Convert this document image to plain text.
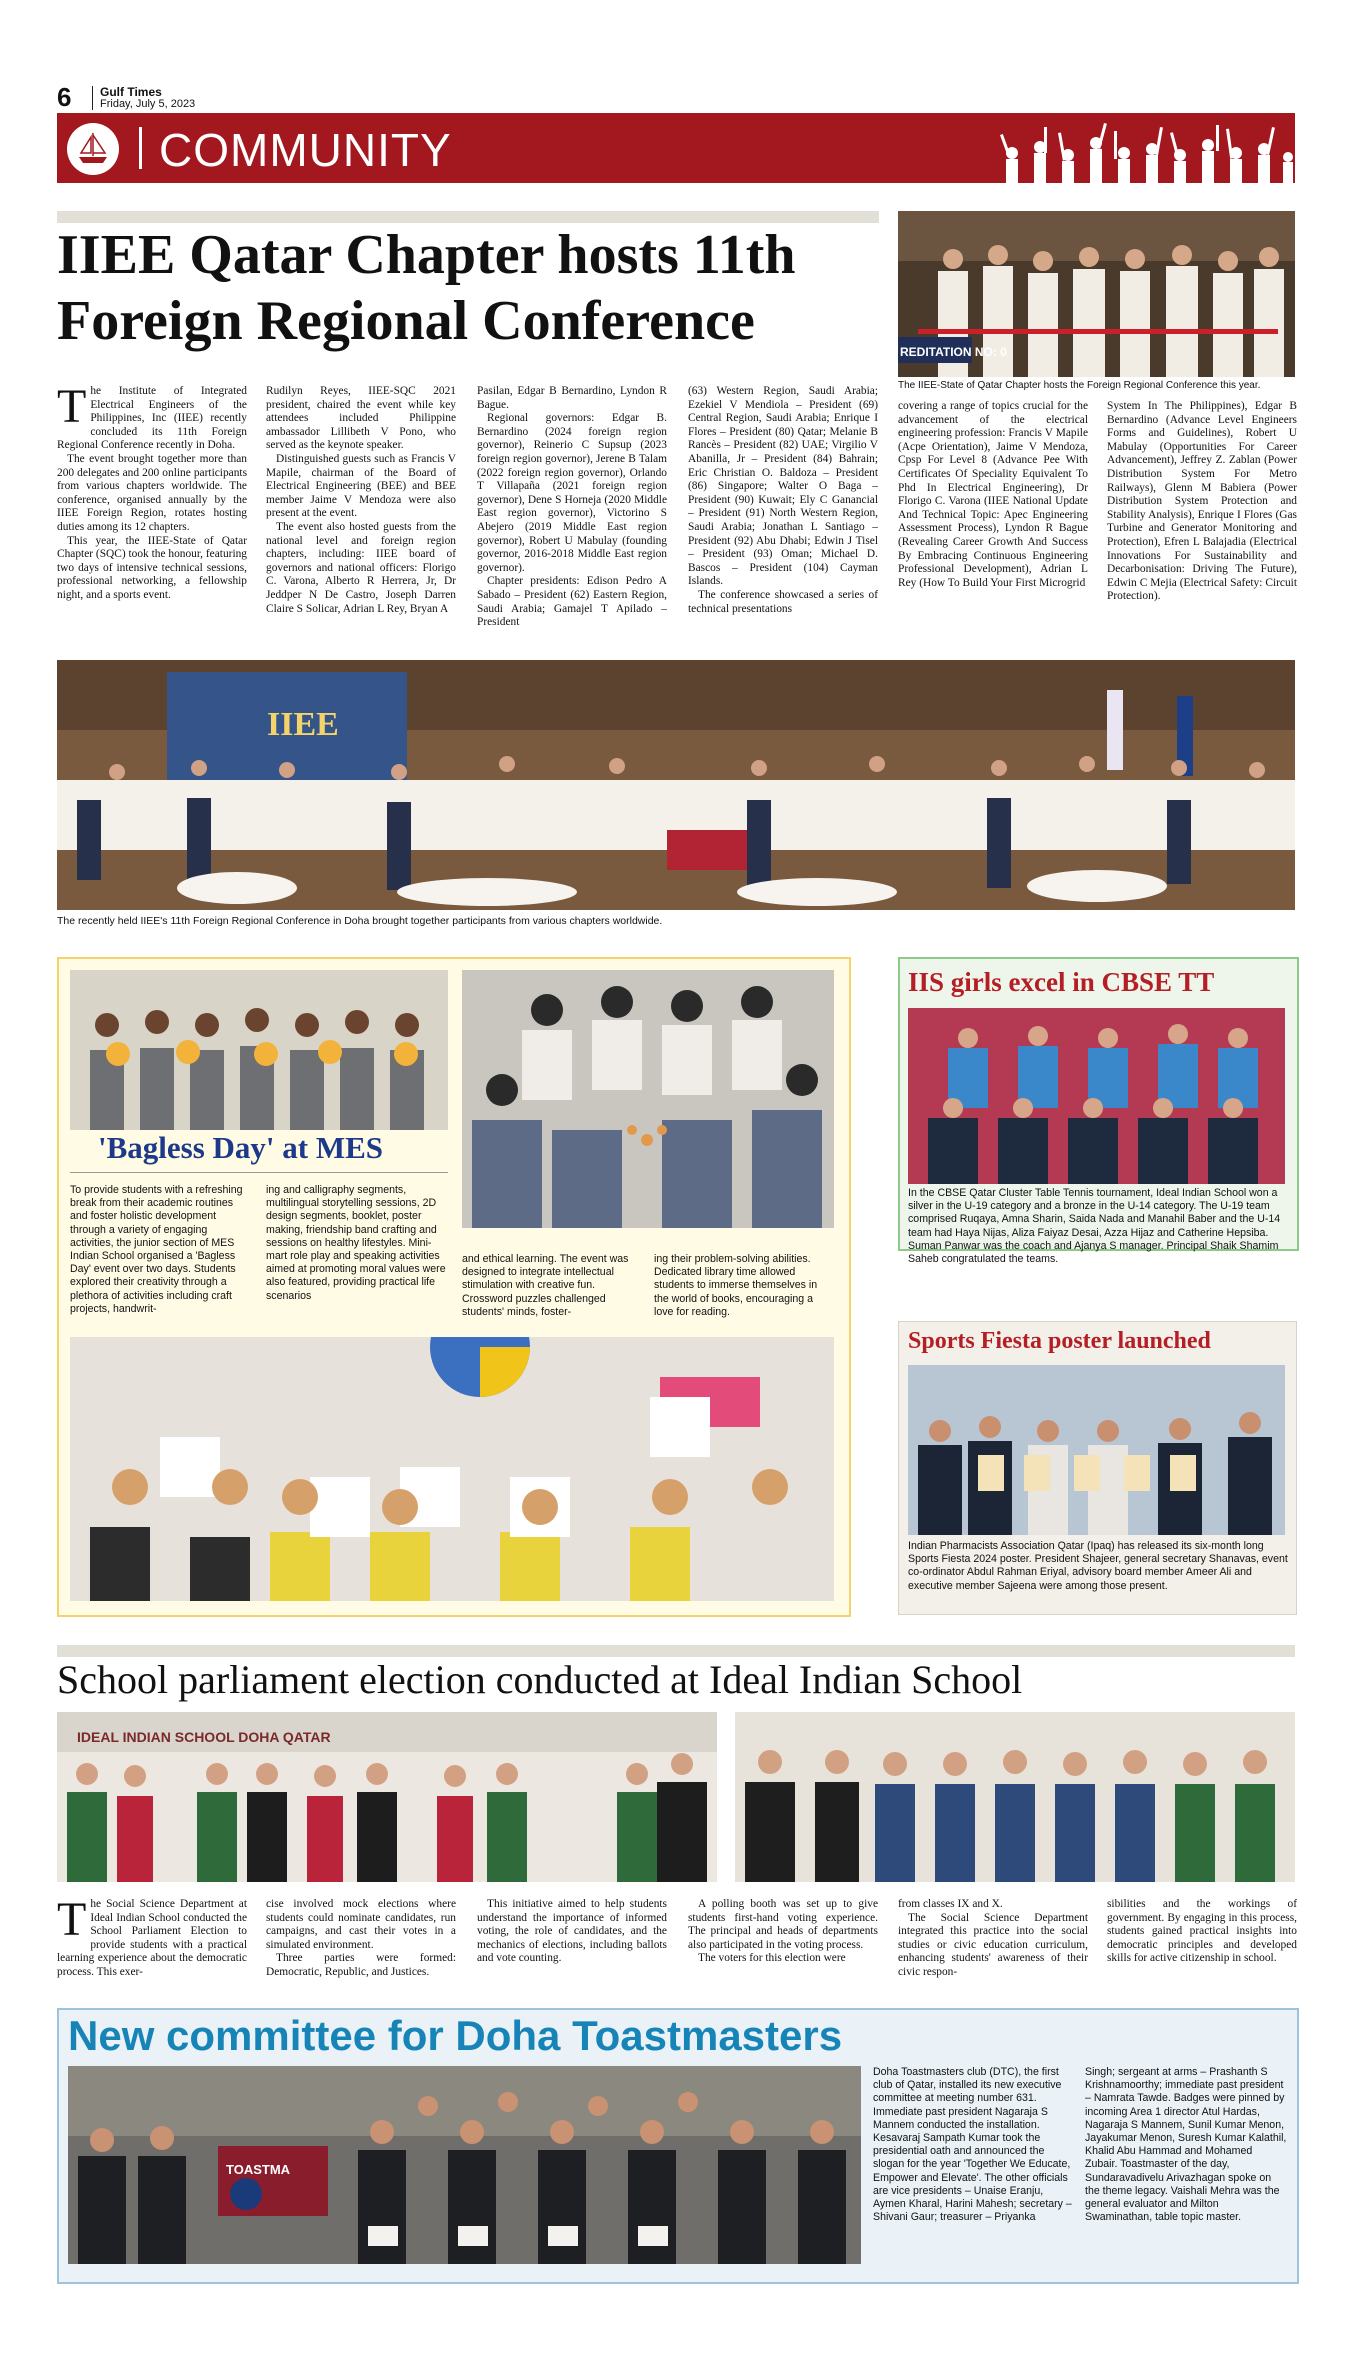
6 Gulf Times
Friday, July 5, 2023
COMMUNITY
IIEE Qatar Chapter hosts 11th Foreign Regional Conference	REDITATION NO: 0
The IIEE-State of Qatar Chapter hosts the Foreign Regional Conference this year.

The Institute of Integrated Electrical Engineers of the Philippines, Inc (IIEE) recently concluded its 11th Foreign Regional Conference recently in Doha.

The event brought together more than 200 delegates and 200 online participants from various chapters worldwide. The conference, organised annually by the IIEE Foreign Region, rotates hosting duties among its 12 chapters.

This year, the IIEE-State of Qatar Chapter (SQC) took the honour, featuring two days of intensive technical sessions, professional networking, a fellowship night, and a sports event.

Rudilyn Reyes, IIEE-SQC 2021 president, chaired the event while key attendees included Philippine ambassador Lillibeth V Pono, who served as the keynote speaker.

Distinguished guests such as Francis V Mapile, chairman of the Board of Electrical Engineering (BEE) and BEE member Jaime V Mendoza were also present at the event.

The event also hosted guests from the national level and foreign region chapters, including: IIEE board of governors and national officers: Florigo C. Varona, Alberto R Herrera, Jr, Dr Jeddper N De Castro, Joseph Darren Claire S Solicar, Adrian L Rey, Bryan A

Pasilan, Edgar B Bernardino, Lyndon R Bague.

Regional governors: Edgar B. Bernardino (2024 foreign region governor), Reinerio C Supsup (2023 foreign region governor), Jerene B Talam (2022 foreign region governor), Orlando T Villapaña (2021 foreign region governor), Dene S Horneja (2020 Middle East region governor), Victorino S Abejero (2019 Middle East region governor), Robert U Mabulay (founding governor, 2016-2018 Middle East region governor).

Chapter presidents: Edison Pedro A Sabado – President (62) Eastern Region, Saudi Arabia; Gamajel T Apilado – President

(63) Western Region, Saudi Arabia; Ezekiel V Mendiola – President (69) Central Region, Saudi Arabia; Enrique I Flores – President (80) Qatar; Melanie B Rancès – President (82) UAE; Virgilio V Abanilla, Jr – President (84) Bahrain; Eric Christian O. Baldoza – President (86) Singapore; Walter O Baga – President (90) Kuwait; Ely C Ganancial – President (91) North Western Region, Saudi Arabia; Jonathan L Santiago – President (92) Abu Dhabi; Edwin J Tisel – President (93) Oman; Michael D. Bascos – President (104) Cayman Islands.

The conference showcased a series of technical presentations

covering a range of topics crucial for the advancement of the electrical engineering profession: Francis V Mapile (Acpe Orientation), Jaime V Mendoza, Cpsp For Level 8 (Advance Pee With Certificates Of Speciality Equivalent To Phd In Electrical Engineering), Dr Florigo C. Varona (IIEE National Update And Technical Topic: Apec Engineering Assessment Process), Lyndon R Bague (Revealing Career Growth And Success By Embracing Continuous Engineering Professional Development), Adrian L Rey (How To Build Your First Microgrid

System In The Philippines), Edgar B Bernardino (Advance Level Engineers Forms and Guidelines), Robert U Mabulay (Opportunities For Career Advancement), Jeffrey Z. Zablan (Power Distribution System For Metro Railways), Glenn M Babiera (Power Distribution System Protection and Stability Analysis), Enrique I Flores (Gas Turbine and Generator Monitoring and Protection), Efren L Balajadia (Electrical Innovations For Sustainability and Decarbonisation: Driving The Future), Edwin C Mejia (Electrical Safety: Circuit Protection).

IIEE
The recently held IIEE's 11th Foreign Regional Conference in Doha brought together participants from various chapters worldwide.
'Bagless Day' at MES

To provide students with a refreshing break from their academic routines and foster holistic development through a variety of engaging activities, the junior section of MES Indian School organised a 'Bagless Day' event over two days. Students explored their creativity through a plethora of activities including craft projects, handwrit-

ing and calligraphy segments, multilingual storytelling sessions, 2D design segments, booklet, poster making, friendship band crafting and sessions on healthy lifestyles. Mini-mart role play and speaking activities aimed at promoting moral values were also featured, providing practical life scenarios

and ethical learning. The event was designed to integrate intellectual stimulation with creative fun. Crossword puzzles challenged students' minds, foster-

ing their problem-solving abilities. Dedicated library time allowed students to immerse themselves in the world of books, encouraging a love for reading.

IIS girls excel in CBSE TT

In the CBSE Qatar Cluster Table Tennis tournament, Ideal Indian School won a silver in the U-19 category and a bronze in the U-14 category. The U-19 team comprised Ruqaya, Amna Sharin, Saida Nada and Manahil Baber and the U-14 team had Haya Nijas, Aliza Faiyaz Desai, Azza Hijaz and Catherine Hepsiba. Suman Panwar was the coach and Ajanya S manager. Principal Shaik Shamim Saheb congratulated the teams.

Sports Fiesta poster launched

Indian Pharmacists Association Qatar (Ipaq) has released its six-month long Sports Fiesta 2024 poster. President Shajeer, general secretary Shanavas, event co-ordinator Abdul Rahman Eriyal, advisory board member Ameer Ali and executive member Sajeena were among those present.

School parliament election conducted at Ideal Indian School
IDEAL INDIAN SCHOOL DOHA QATAR

The Social Science Department at Ideal Indian School conducted the School Parliament Election to provide students with a practical learning experience about the democratic process. This exer-

cise involved mock elections where students could nominate candidates, run campaigns, and cast their votes in a simulated environment.

Three parties were formed: Democratic, Republic, and Justices.

This initiative aimed to help students understand the importance of informed voting, the role of candidates, and the mechanics of elections, including ballots and vote counting.

A polling booth was set up to give students first-hand voting experience. The principal and heads of departments also participated in the voting process.

The voters for this election were

from classes IX and X.

The Social Science Department integrated this practice into the social studies or civic education curriculum, enhancing students' awareness of their civic respon-

sibilities and the workings of government. By engaging in this process, students gained practical insights into democratic principles and developed skills for active citizenship in school.

New committee for Doha Toastmasters
TOASTMA

Doha Toastmasters club (DTC), the first club of Qatar, installed its new executive committee at meeting number 631. Immediate past president Nagaraja S Mannem conducted the installation. Kesavaraj Sampath Kumar took the presidential oath and announced the slogan for the year 'Together We Educate, Empower and Elevate'. The other officials are vice presidents – Unaise Eranju, Aymen Kharal, Harini Mahesh; secretary – Shivani Gaur; treasurer – Priyanka

Singh; sergeant at arms – Prashanth S Krishnamoorthy; immediate past president – Namrata Tawde. Badges were pinned by incoming Area 1 director Atul Hardas, Nagaraja S Mannem, Sunil Kumar Menon, Jayakumar Menon, Suresh Kumar Kalathil, Khalid Abu Hammad and Mohamed Zubair. Toastmaster of the day, Sundaravadivelu Arivazhagan spoke on the theme legacy. Vaishali Mehra was the general evaluator and Milton Swaminathan, table topic master.
